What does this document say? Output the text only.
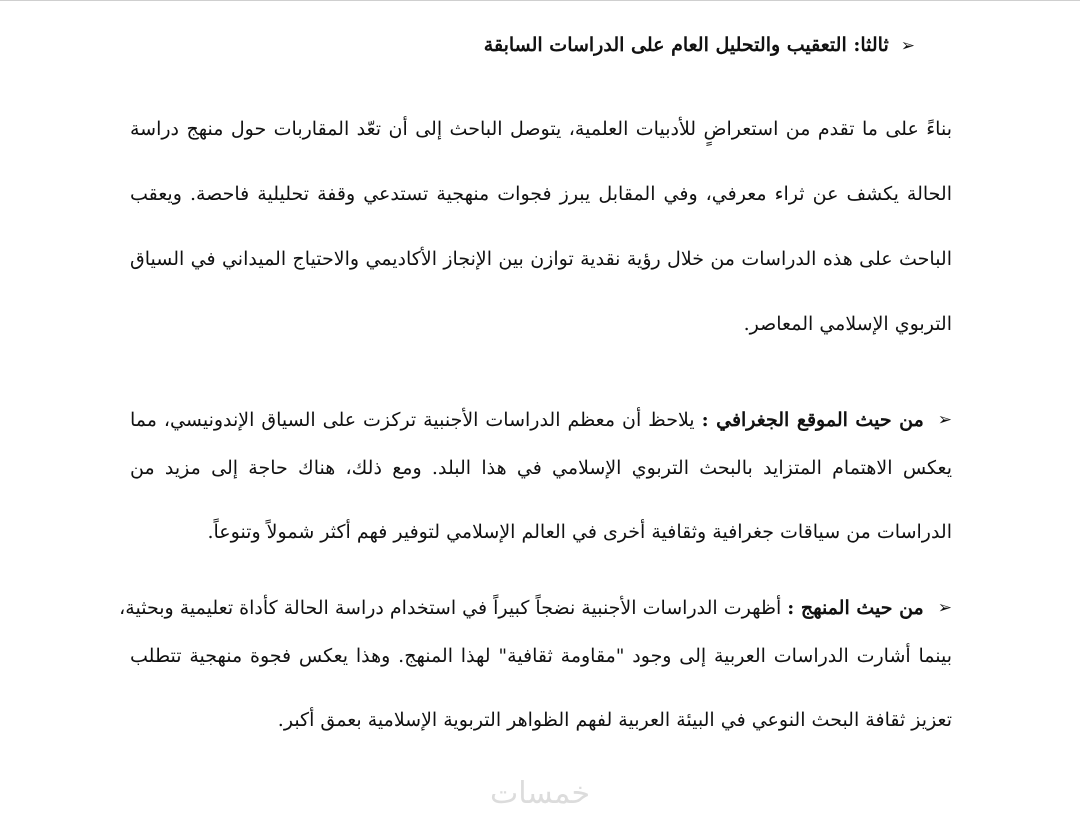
➢ثالثا: التعقيب والتحليل العام على الدراسات السابقة
بناءً على ما تقدم من استعراضٍ للأدبيات العلمية، يتوصل الباحث إلى أن تعّد المقاربات حول منهج دراسة
الحالة يكشف عن ثراء معرفي، وفي المقابل يبرز فجوات منهجية تستدعي وقفة تحليلية فاحصة. ويعقب
الباحث على هذه الدراسات من خلال رؤية نقدية توازن بين الإنجاز الأكاديمي والاحتياج الميداني في السياق
التربوي الإسلامي المعاصر.
➢
من حيث الموقع الجغرافي : يلاحظ أن معظم الدراسات الأجنبية تركزت على السياق الإندونيسي، مما
يعكس الاهتمام المتزايد بالبحث التربوي الإسلامي في هذا البلد. ومع ذلك، هناك حاجة إلى مزيد من
الدراسات من سياقات جغرافية وثقافية أخرى في العالم الإسلامي لتوفير فهم أكثر شمولاً وتنوعاً.
➢
من حيث المنهج : أظهرت الدراسات الأجنبية نضجاً كبيراً في استخدام دراسة الحالة كأداة تعليمية وبحثية،
بينما أشارت الدراسات العربية إلى وجود "مقاومة ثقافية" لهذا المنهج. وهذا يعكس فجوة منهجية تتطلب
تعزيز ثقافة البحث النوعي في البيئة العربية لفهم الظواهر التربوية الإسلامية بعمق أكبر.
خمسات
